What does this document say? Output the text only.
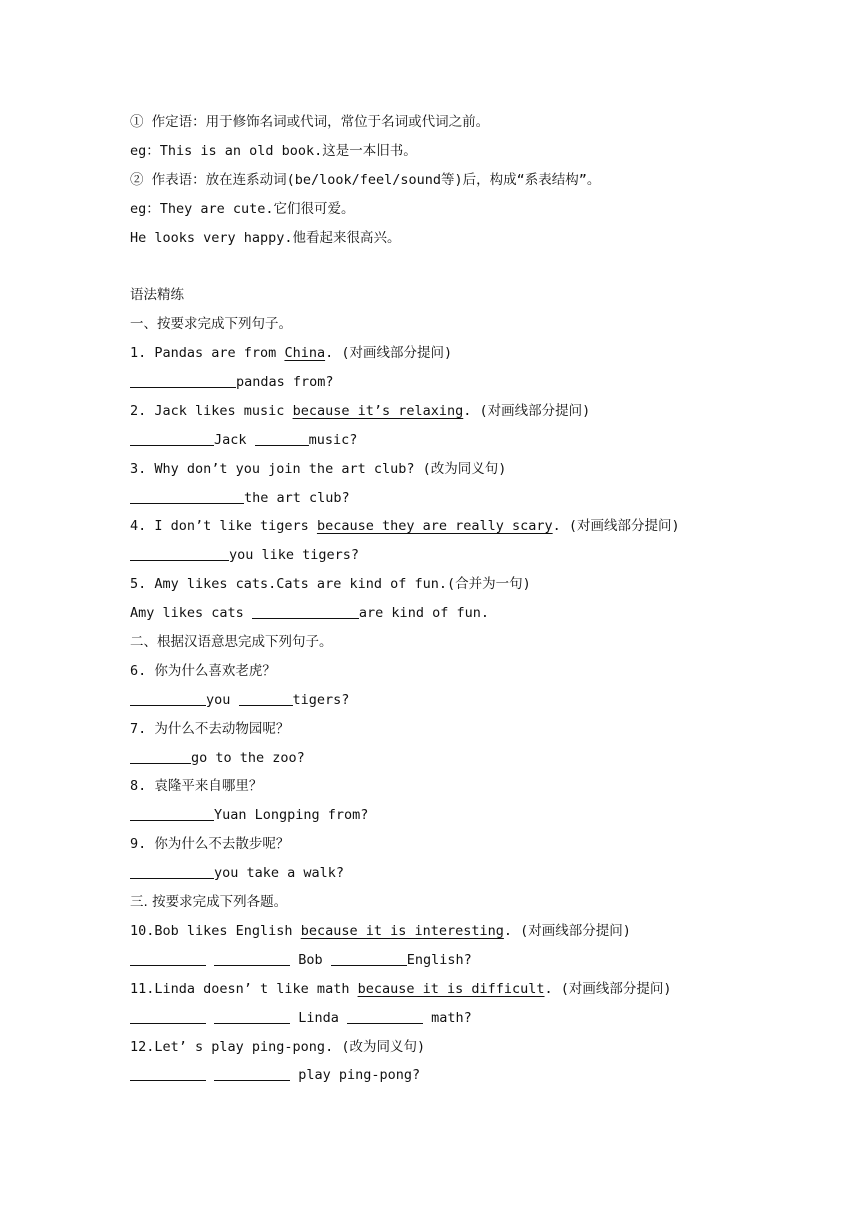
① 作定语：用于修饰名词或代词，常位于名词或代词之前。
eg：This is an old book.这是一本旧书。
② 作表语：放在连系动词(be/look/feel/sound等)后，构成“系表结构”。
eg：They are cute.它们很可爱。
He looks very happy.他看起来很高兴。
语法精练
一、按要求完成下列句子。
1. Pandas are from China. (对画线部分提问)
pandas from?
2. Jack likes music because it’s relaxing. (对画线部分提问)
Jack	music?
3. Why don’t you join the art club? (改为同义句)
the art club?
4. I don’t like tigers because they are really scary. (对画线部分提问)
you like tigers?
5. Amy likes cats.Cats are kind of fun.(合并为一句)
Amy likes cats	are kind of fun.
二、根据汉语意思完成下列句子。
6. 你为什么喜欢老虎？
you	tigers?
7. 为什么不去动物园呢？
go to the zoo?
8. 袁隆平来自哪里？
Yuan Longping from?
9. 你为什么不去散步呢？
you take a walk?
三. 按要求完成下列各题。
10.Bob likes English because it is interesting. (对画线部分提问)
Bob	English?
11.Linda doesn’ t like math because it is difficult. (对画线部分提问)
Linda	math?
12.Let’ s play ping-pong. (改为同义句)
play ping-pong?
